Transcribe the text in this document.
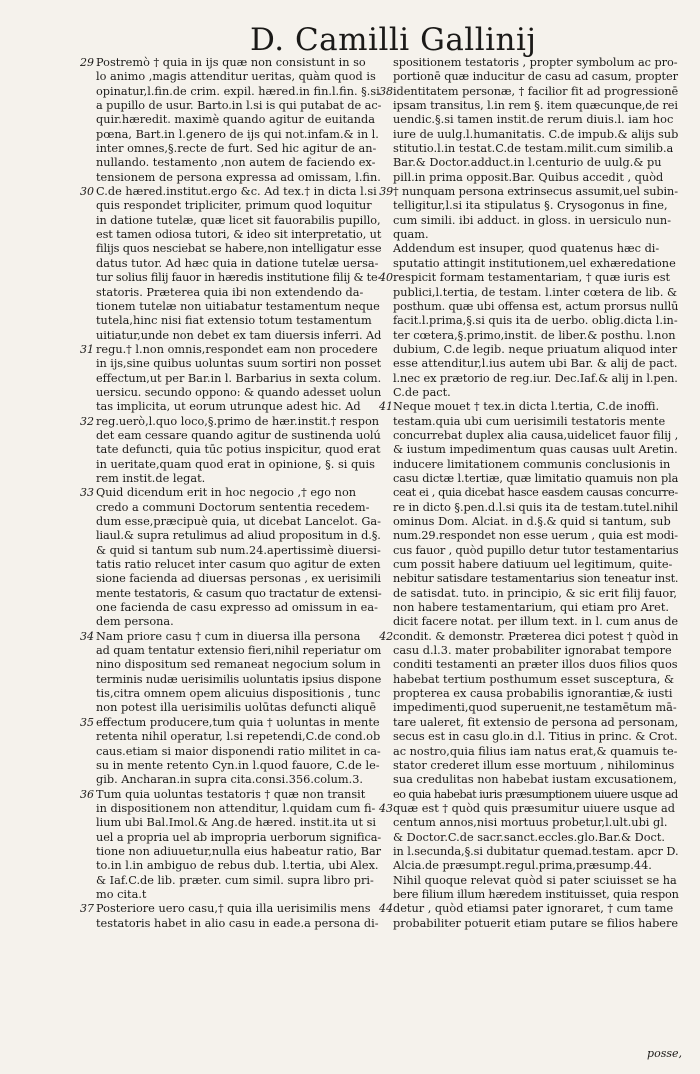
D. Camilli Gallinij
29 Postremò † quia in ijs quæ non consistunt in so
lo animo ,magis attenditur ueritas, quàm quod is
opinatur,l.fin.de crim. expil. hæred.in fin.l.fin. §.si
a pupillo de usur. Barto.in l.si is qui putabat de ac-
quir.hæredit. maximè quando agitur de euitanda
pœna, Bart.in l.genero de ijs qui not.infam.& in l.
inter omnes,§.recte de furt. Sed hic agitur de an-
nullando. testamento ,non autem de faciendo ex-
tensionem de persona expressa ad omissam, l.fin.
30 C.de hæred.institut.ergo &c. Ad tex.† in dicta l.si
quis respondet tripliciter, primum quod loquitur
in datione tutelæ, quæ licet sit fauorabilis pupillo,
est tamen odiosa tutori, & ideo sit interpretatio, ut
filijs quos nesciebat se habere,non intelligatur esse
datus tutor. Ad hæc quia in datione tutelæ uersa-
tur solius filij fauor in hæredis institutione filij & te-
statoris. Præterea quia ibi non extendendo da-
tionem tutelæ non uitiabatur testamentum neque
tutela,hinc nisi fiat extensio totum testamentum
uitiatur,unde non debet ex tam diuersis inferri. Ad
31 regu.† l.non omnis,respondet eam non procedere
in ijs,sine quibus uoluntas suum sortiri non posset
effectum,ut per Bar.in l. Barbarius in sexta colum.
uersicu. secundo oppono: & quando adesset uolun
tas implicita, ut eorum utrunque adest hic. Ad
32 reg.uerò,l.quo loco,§.primo de hær.instit.† respon
det eam cessare quando agitur de sustinenda uolú
tate defuncti, quia tūc potius inspicitur, quod erat
in ueritate,quam quod erat in opinione, §. si quis
rem instit.de legat.
33 Quid dicendum erit in hoc negocio ,† ego non
credo a communi Doctorum sententia recedem-
dum esse,præcipuè quia, ut dicebat Lancelot. Ga-
liaul.& supra retulimus ad aliud propositum in d.§.
& quid si tantum sub num.24.apertissimè diuersi-
tatis ratio relucet inter casum quo agitur de exten
sione facienda ad diuersas personas , ex uerisimili
mente testatoris, & casum quo tractatur de extensi-
one facienda de casu expresso ad omissum in ea-
dem persona.
34 Nam priore casu † cum in diuersa illa persona
ad quam tentatur extensio fieri,nihil reperiatur om
nino dispositum sed remaneat negocium solum in
terminis nudæ uerisimilis uoluntatis ipsius dispone
tis,citra omnem opem alicuius dispositionis , tunc
non potest illa uerisimilis uolūtas defuncti aliquē
35 effectum producere,tum quia † uoluntas in mente
retenta nihil operatur, l.si repetendi,C.de cond.ob
caus.etiam si maior disponendi ratio militet in ca-
su in mente retento Cyn.in l.quod fauore, C.de le-
gib. Ancharan.in supra cita.consi.356.colum.3.
36 Tum quia uoluntas testatoris † quæ non transit
in dispositionem non attenditur, l.quidam cum fi-
lium ubi Bal.Imol.& Ang.de hæred. instit.ita ut si
uel a propria uel ab impropria uerborum significa-
tione non adiuuetur,nulla eius habeatur ratio, Bar
to.in l.in ambiguo de rebus dub. l.tertia, ubi Alex.
& Iaf.C.de lib. præter. cum simil. supra libro pri-
mo cita.t
37 Posteriore uero casu,† quia illa uerisimilis mens
testatoris habet in alio casu in eade.a persona di-
spositionem testatoris , propter symbolum ac pro-
portionē quæ inducitur de casu ad casum, propter
38 identitatem personæ, † facilior fit ad progressionē
ipsam transitus, l.in rem §. item quæcunque,de rei
uendic.§.si tamen instit.de rerum diuis.l. iam hoc
iure de uulg.l.humanitatis. C.de impub.& alijs sub
stitutio.l.in testat.C.de testam.milit.cum similib.a
Bar.& Doctor.adduct.in l.centurio de uulg.& pu
pill.in prima opposit.Bar. Quibus accedit , quòd
39 † nunquam persona extrinsecus assumit,uel subin-
telligitur,l.si ita stipulatus §. Crysogonus in fine,
cum simili. ibi adduct. in gloss. in uersiculo nun-
quam.
Addendum est insuper, quod quatenus hæc di-
sputatio attingit institutionem,uel exhæredatione
40 respicit formam testamentariam, † quæ iuris est
publici,l.tertia, de testam. l.inter cœtera de lib. &
posthum. quæ ubi offensa est, actum prorsus nullū
facit.l.prima,§.si quis ita de uerbo. oblig.dicta l.in-
ter cœtera,§.primo,instit. de liber.& posthu. l.non
dubium, C.de legib. neque priuatum aliquod inter
esse attenditur,l.ius autem ubi Bar. & alij de pact.
l.nec ex prætorio de reg.iur. Dec.Iaf.& alij in l.pen.
C.de pact.
41 Neque mouet † tex.in dicta l.tertia, C.de inoffi.
testam.quia ubi cum uerisimili testatoris mente
concurrebat duplex alia causa,uidelicet fauor filij ,
& iustum impedimentum quas causas uult Aretin.
inducere limitationem communis conclusionis in
casu dictæ l.tertiæ, quæ limitatio quamuis non pla
ceat ei , quia dicebat hasce easdem causas concurre-
re in dicto §.pen.d.l.si quis ita de testam.tutel.nihil
ominus Dom. Alciat. in d.§.& quid si tantum, sub
num.29.respondet non esse uerum , quia est modi-
cus fauor , quòd pupillo detur tutor testamentarius
cum possit habere datiuum uel legitimum, quite-
nebitur satisdare testamentarius sion teneatur inst.
de satisdat. tuto. in principio, & sic erit filij fauor,
non habere testamentarium, qui etiam pro Aret.
dicit facere notat. per illum text. in l. cum anus de
42 condit. & demonstr. Præterea dici potest † quòd in
casu d.l.3. mater probabiliter ignorabat tempore
conditi testamenti an præter illos duos filios quos
habebat tertium posthumum esset susceptura, &
propterea ex causa probabilis ignorantiæ,& iusti
impedimenti,quod superuenit,ne testamētum mā-
tare ualeret, fit extensio de persona ad personam,
secus est in casu glo.in d.l. Titius in princ. & Crot.
ac nostro,quia filius iam natus erat,& quamuis te-
stator crederet illum esse mortuum , nihilominus
sua credulitas non habebat iustam excusationem,
eo quia habebat iuris præsumptionem uiuere usque ad
43 quæ est † quòd quis præsumitur uiuere usque ad
centum annos,nisi mortuus probetur,l.ult.ubi gl.
& Doctor.C.de sacr.sanct.eccles.glo.Bar.& Doct.
in l.secunda,§.si dubitatur quemad.testam. apcr D.
Alcia.de præsumpt.regul.prima,præsump.44.
Nihil quoque relevat quòd si pater sciuisset se ha
bere filium illum hæredem instituisset, quia respon
44 detur , quòd etiamsi pater ignoraret, † cum tame
probabiliter potuerit etiam putare se filios habere
posse,
